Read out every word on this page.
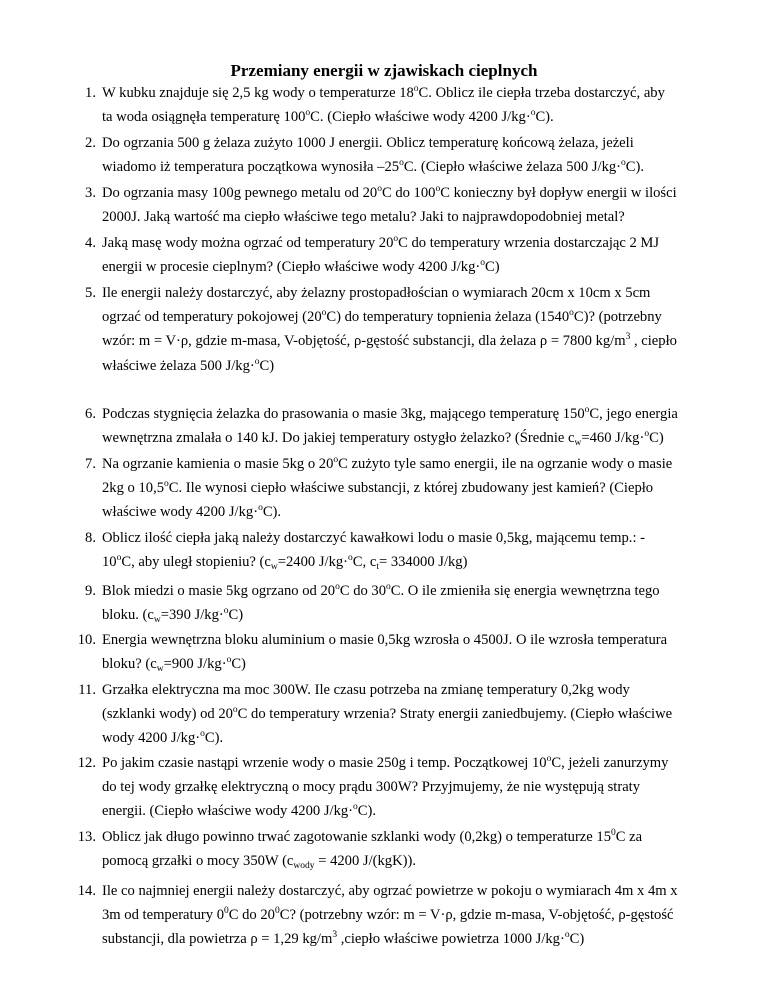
Przemiany energii w zjawiskach cieplnych
1. W kubku znajduje się 2,5 kg wody o temperaturze 18$^o$C. Oblicz ile ciepła trzeba dostarczyć, aby
ta woda osiągnęła temperaturę 100$^o$C. (Ciepło właściwe wody 4200 J/kg·$^o$C).
2. Do ogrzania 500 g żelaza zużyto 1000 J energii. Oblicz temperaturę końcową żelaza, jeżeli
wiadomo iż temperatura początkowa wynosiła –25$^o$C. (Ciepło właściwe żelaza 500 J/kg·$^o$C).
3. Do ogrzania masy 100g pewnego metalu od 20$^o$C do 100$^o$C konieczny był dopływ energii w ilości
2000J. Jaką wartość ma ciepło właściwe tego metalu? Jaki to najprawdopodobniej metal?
4. Jaką masę wody można ogrzać od temperatury 20$^o$C do temperatury wrzenia dostarczając 2 MJ
energii w procesie cieplnym? (Ciepło właściwe wody 4200 J/kg·$^o$C)
5. Ile energii należy dostarczyć, aby żelazny prostopadłościan o wymiarach 20cm x 10cm x 5cm
ogrzać od temperatury pokojowej (20$^o$C) do temperatury topnienia żelaza (1540$^o$C)? (potrzebny
wzór: m = V·ρ, gdzie m-masa, V-objętość, ρ-gęstość substancji, dla żelaza ρ = 7800 $kg/m^3$ , ciepło
właściwe żelaza 500 J/kg·$^o$C)
6. Podczas stygnięcia żelazka do prasowania o masie 3kg, mającego temperaturę 150$^o$C, jego energia
wewnętrzna zmalała o 140 kJ. Do jakiej temperatury ostygło żelazko? (Średnie $c_w=460$ J/kg·$^o$C)
7. Na ogrzanie kamienia o masie 5kg o 20$^o$C zużyto tyle samo energii, ile na ogrzanie wody o masie
2kg o 10,5$^o$C. Ile wynosi ciepło właściwe substancji, z której zbudowany jest kamień? (Ciepło
właściwe wody 4200 J/kg·$^o$C).
8. Oblicz ilość ciepła jaką należy dostarczyć kawałkowi lodu o masie 0,5kg, mającemu temp.: -
10$^o$C, aby uległ stopieniu? ($c_w=2400$ J/kg·$^o$C, $c_t= 334000$ J/kg)
9. Blok miedzi o masie 5kg ogrzano od 20$^o$C do 30$^o$C. O ile zmieniła się energia wewnętrzna tego
bloku. ($c_w=390$ J/kg·$^o$C)
10. Energia wewnętrzna bloku aluminium o masie 0,5kg wzrosła o 4500J. O ile wzrosła temperatura
bloku? ($c_w=900$ J/kg·$^o$C)
11. Grzałka elektryczna ma moc 300W. Ile czasu potrzeba na zmianę temperatury 0,2kg wody
(szklanki wody) od 20$^o$C do temperatury wrzenia? Straty energii zaniedbujemy. (Ciepło właściwe
wody 4200 J/kg·$^o$C).
12. Po jakim czasie nastąpi wrzenie wody o masie 250g i temp. Początkowej 10$^o$C, jeżeli zanurzymy
do tej wody grzałkę elektryczną o mocy prądu 300W? Przyjmujemy, że nie występują straty
energii. (Ciepło właściwe wody 4200 J/kg·$^o$C).
13. Oblicz jak długo powinno trwać zagotowanie szklanki wody (0,2kg) o temperaturze $15^0C$ za
pomocą grzałki o mocy 350W ($c_{wody} = 4200$ J/(kgK)).
14. Ile co najmniej energii należy dostarczyć, aby ogrzać powietrze w pokoju o wymiarach 4m x 4m x
3m od temperatury $0^0C$ do $20^0C$? (potrzebny wzór: m = V·ρ, gdzie m-masa, V-objętość, ρ-gęstość
substancji, dla powietrza ρ = 1,29 $kg/m^3$ ,ciepło właściwe powietrza 1000 J/kg·$^o$C)
